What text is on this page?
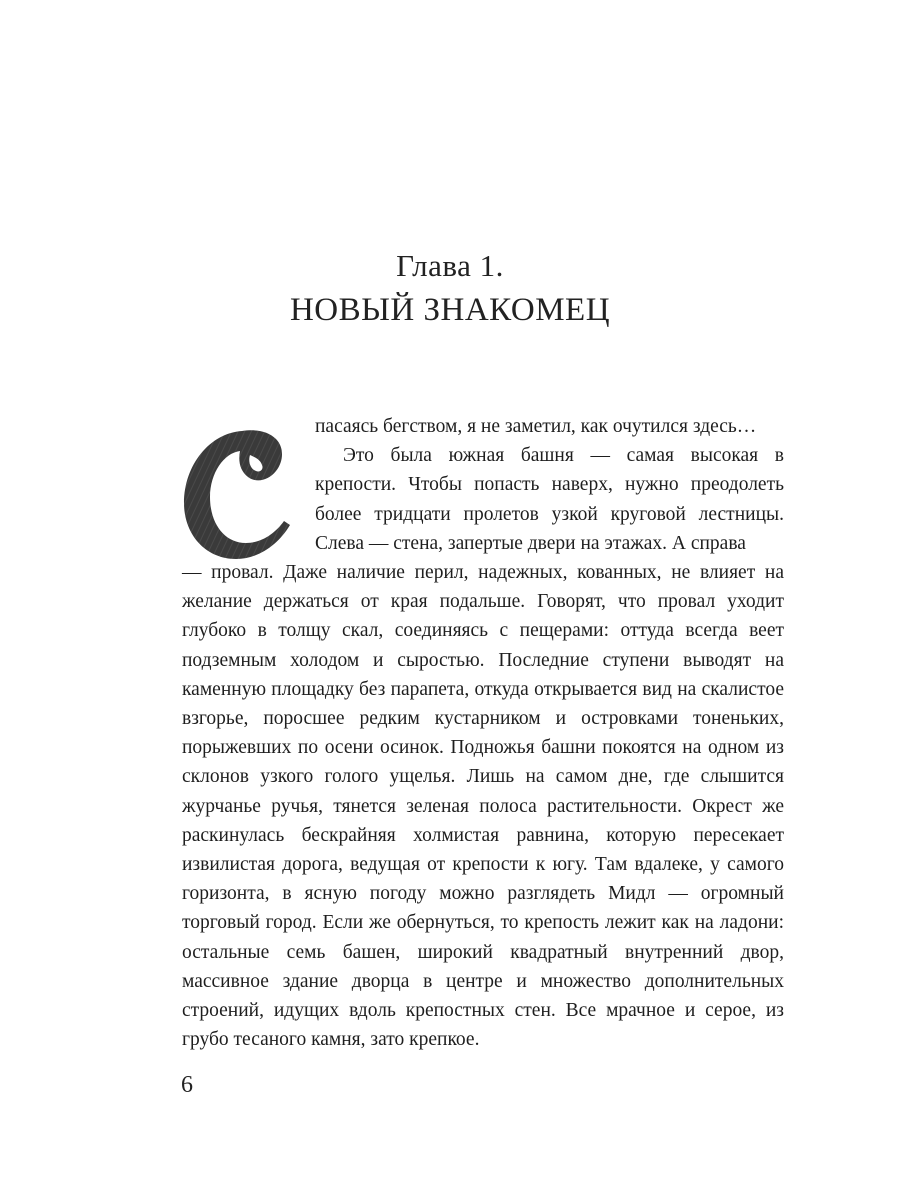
Глава 1.
НОВЫЙ ЗНАКОМЕЦ

пасаясь бегством, я не заметил, как очутился здесь…

Это была южная башня — самая высокая в крепости. Чтобы попасть наверх, нужно преодолеть более тридцати пролетов узкой круговой лестницы. Слева — стена, запертые двери на этажах. А справа

— провал. Даже наличие перил, надежных, кованных, не влияет на желание держаться от края подальше. Говорят, что провал уходит глубоко в толщу скал, соединяясь с пещерами: оттуда всегда веет подземным холодом и сыростью. Последние ступени выводят на каменную площадку без парапета, откуда открывается вид на скалистое взгорье, поросшее редким кустарником и островками тоненьких, порыжевших по осени осинок. Подножья башни покоятся на одном из склонов узкого голого ущелья. Лишь на самом дне, где слышится журчанье ручья, тянется зеленая полоса растительности. Окрест же раскинулась бескрайняя холмистая равнина, которую пересекает извилистая дорога, ведущая от крепости к югу. Там вдалеке, у самого горизонта, в ясную погоду можно разглядеть Мидл — огромный торговый город. Если же обернуться, то крепость лежит как на ладони: остальные семь башен, широкий квадратный внутренний двор, массивное здание дворца в центре и множество дополнительных строений, идущих вдоль крепостных стен. Все мрачное и серое, из грубо тесаного камня, зато крепкое.

6
